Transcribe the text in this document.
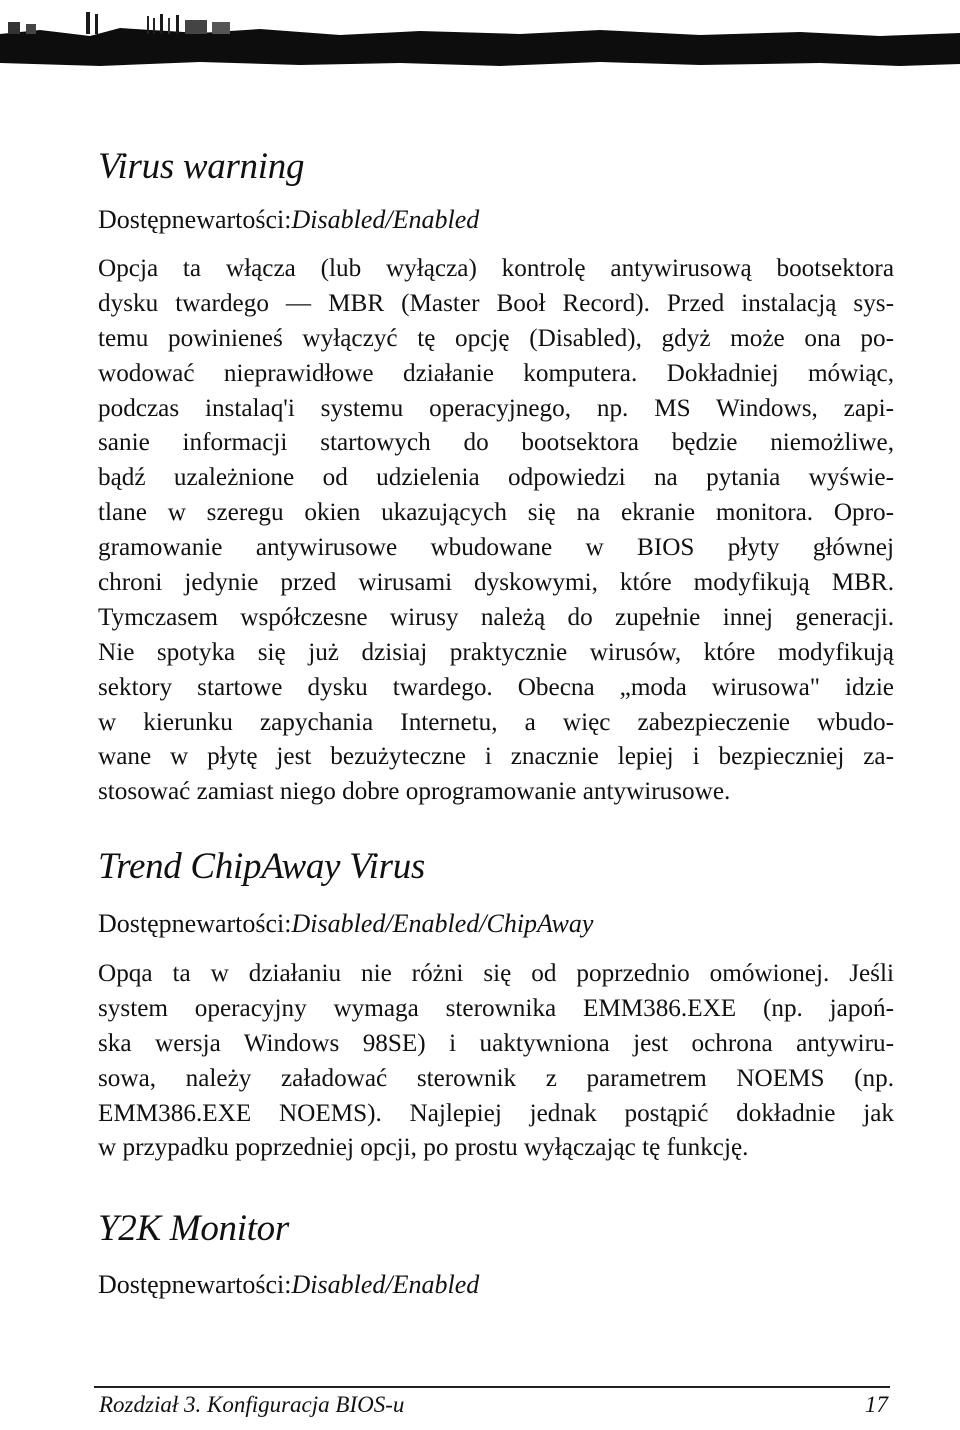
Virus warning
Dostępnewartości:Disabled/Enabled
Opcja ta włącza (lub wyłącza) kontrolę antywirusową bootsektora
dysku twardego — MBR (Master Booł Record). Przed instalacją sys-
temu powinieneś wyłączyć tę opcję (Disabled), gdyż może ona po-
wodować nieprawidłowe działanie komputera. Dokładniej mówiąc,
podczas instalaq'i systemu operacyjnego, np. MS Windows, zapi-
sanie informacji startowych do bootsektora będzie niemożliwe,
bądź uzależnione od udzielenia odpowiedzi na pytania wyświe-
tlane w szeregu okien ukazujących się na ekranie monitora. Opro-
gramowanie antywirusowe wbudowane w BIOS płyty głównej
chroni jedynie przed wirusami dyskowymi, które modyfikują MBR.
Tymczasem współczesne wirusy należą do zupełnie innej generacji.
Nie spotyka się już dzisiaj praktycznie wirusów, które modyfikują
sektory startowe dysku twardego. Obecna „moda wirusowa" idzie
w kierunku zapychania Internetu, a więc zabezpieczenie wbudo-
wane w płytę jest bezużyteczne i znacznie lepiej i bezpieczniej za-
stosować zamiast niego dobre oprogramowanie antywirusowe.
Trend ChipAway Virus
Dostępnewartości:Disabled/Enabled/ChipAway
Opqa ta w działaniu nie różni się od poprzednio omówionej. Jeśli
system operacyjny wymaga sterownika EMM386.EXE (np. japoń-
ska wersja Windows 98SE) i uaktywniona jest ochrona antywiru-
sowa, należy załadować sterownik z parametrem NOEMS (np.
EMM386.EXE NOEMS). Najlepiej jednak postąpić dokładnie jak
w przypadku poprzedniej opcji, po prostu wyłączając tę funkcję.
Y2K Monitor
Dostępnewartości:Disabled/Enabled
Rozdział 3. Konfiguracja BIOS-u	17
